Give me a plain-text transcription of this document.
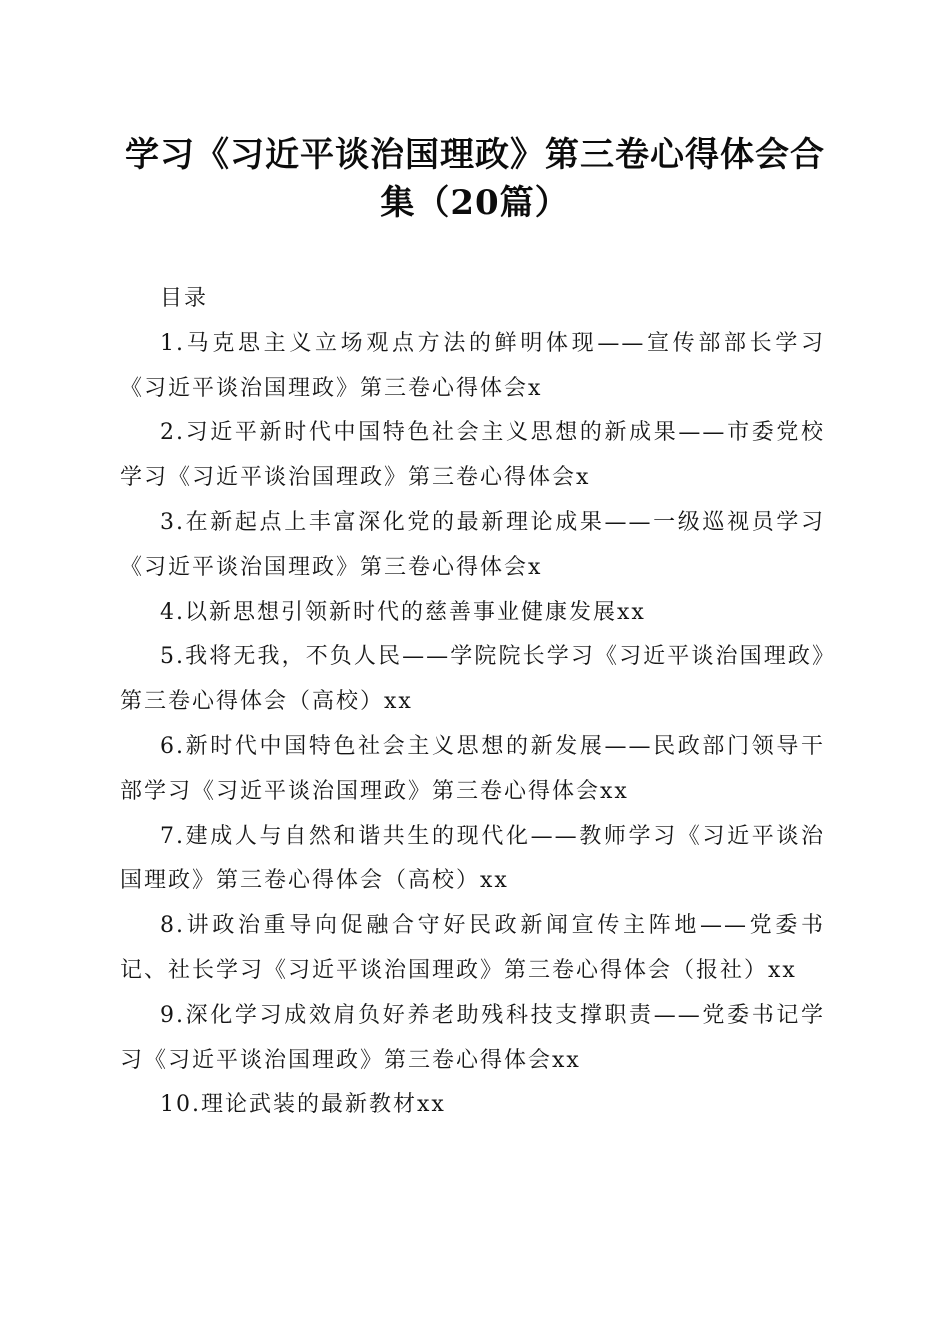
学习《习近平谈治国理政》第三卷心得体会合集（20篇）
目录
1.马克思主义立场观点方法的鲜明体现——宣传部部长学习《习近平谈治国理政》第三卷心得体会x
2.习近平新时代中国特色社会主义思想的新成果——市委党校学习《习近平谈治国理政》第三卷心得体会x
3.在新起点上丰富深化党的最新理论成果——一级巡视员学习《习近平谈治国理政》第三卷心得体会x
4.以新思想引领新时代的慈善事业健康发展xx
5.我将无我，不负人民——学院院长学习《习近平谈治国理政》第三卷心得体会（高校）xx
6.新时代中国特色社会主义思想的新发展——民政部门领导干部学习《习近平谈治国理政》第三卷心得体会xx
7.建成人与自然和谐共生的现代化——教师学习《习近平谈治国理政》第三卷心得体会（高校）xx
8.讲政治重导向促融合守好民政新闻宣传主阵地——党委书记、社长学习《习近平谈治国理政》第三卷心得体会（报社）xx
9.深化学习成效肩负好养老助残科技支撑职责——党委书记学习《习近平谈治国理政》第三卷心得体会xx
10.理论武装的最新教材xx
